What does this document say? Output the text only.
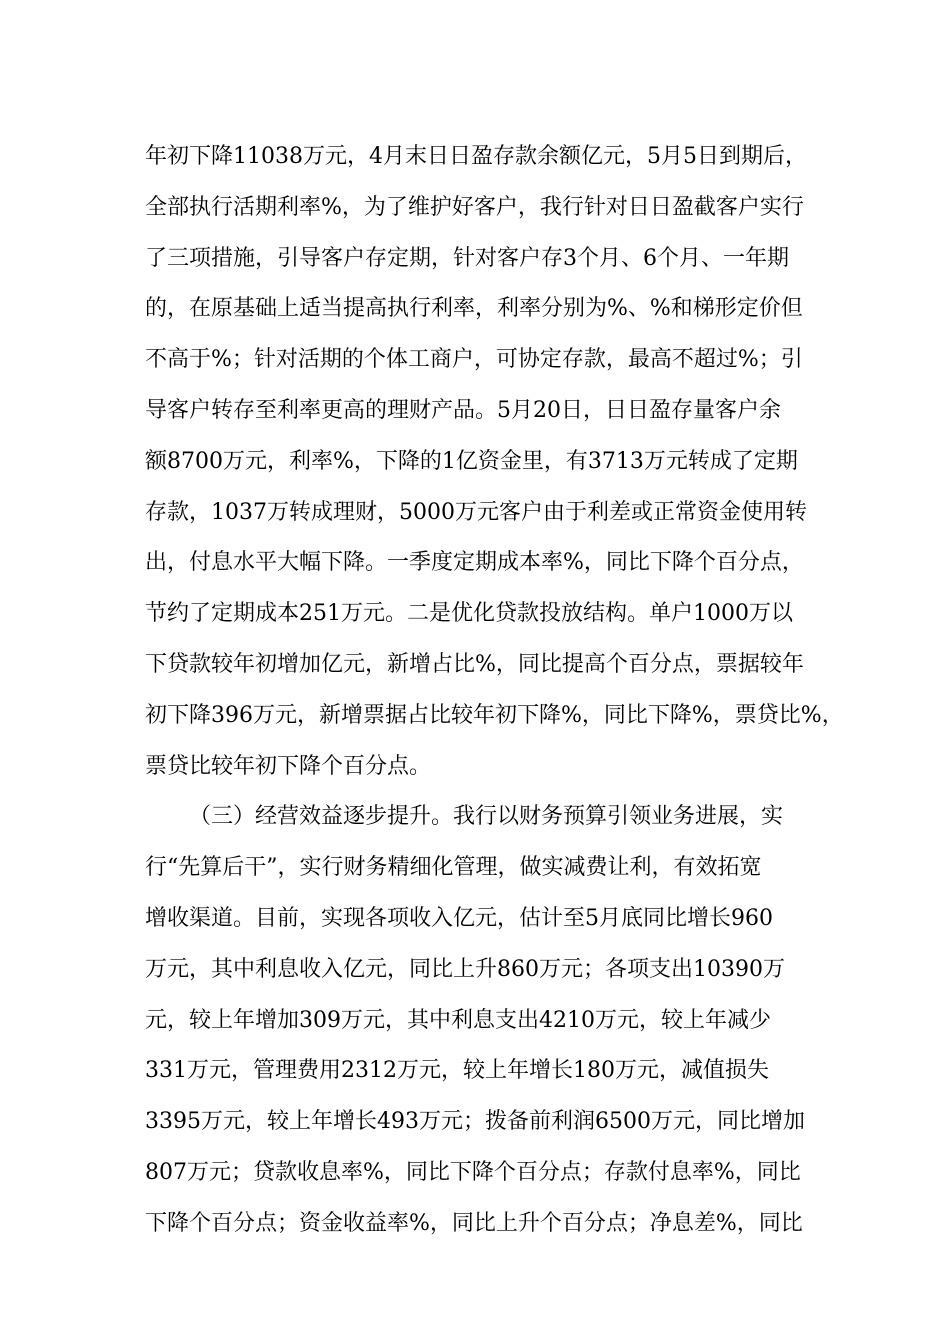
年初下降11038万元，4月末日日盈存款余额亿元，5月5日到期后，
全部执行活期利率%，为了维护好客户，我行针对日日盈截客户实行
了三项措施，引导客户存定期，针对客户存3个月、6个月、一年期
的，在原基础上适当提高执行利率，利率分别为%、%和梯形定价但
不高于%；针对活期的个体工商户，可协定存款，最高不超过%；引
导客户转存至利率更高的理财产品。5月20日，日日盈存量客户余
额8700万元，利率%，下降的1亿资金里，有3713万元转成了定期
存款，1037万转成理财，5000万元客户由于利差或正常资金使用转
出，付息水平大幅下降。一季度定期成本率%，同比下降个百分点，
节约了定期成本251万元。二是优化贷款投放结构。单户1000万以
下贷款较年初增加亿元，新增占比%，同比提高个百分点，票据较年
初下降396万元，新增票据占比较年初下降%，同比下降%，票贷比%，
票贷比较年初下降个百分点。
（三）经营效益逐步提升。我行以财务预算引领业务进展，实
行“先算后干”，实行财务精细化管理，做实减费让利，有效拓宽
增收渠道。目前，实现各项收入亿元，估计至5月底同比增长960
万元，其中利息收入亿元，同比上升860万元；各项支出10390万
元，较上年增加309万元，其中利息支出4210万元，较上年减少
331万元，管理费用2312万元，较上年增长180万元，减值损失
3395万元，较上年增长493万元；拨备前利润6500万元，同比增加
807万元；贷款收息率%，同比下降个百分点；存款付息率%，同比
下降个百分点；资金收益率%，同比上升个百分点；净息差%，同比
